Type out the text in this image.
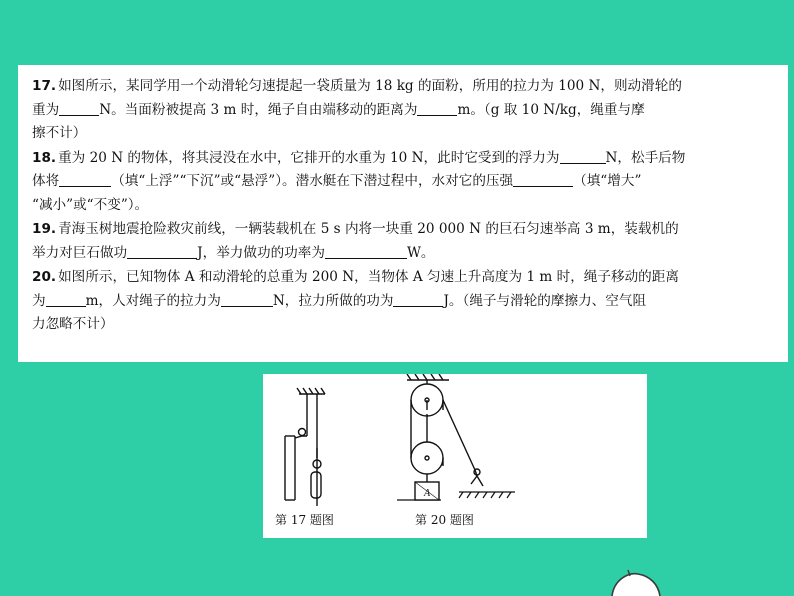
17. 如图所示，某同学用一个动滑轮匀速提起一袋质量为 18 kg 的面粉，所用的拉力为 100 N，则动滑轮的
重为	N。当面粉被提高 3 m 时，绳子自由端移动的距离为	m。（g 取 10 N/kg，绳重与摩
擦不计）
18. 重为 20 N 的物体，将其浸没在水中，它排开的水重为 10 N，此时它受到的浮力为	N，松手后物
体将	（填“上浮”“下沉”或“悬浮”）。潜水艇在下潜过程中，水对它的压强	（填“增大”
“减小”或“不变”）。
19. 青海玉树地震抢险救灾前线，一辆装载机在 5 s 内将一块重 20 000 N 的巨石匀速举高 3 m，装载机的
举力对巨石做功	J，举力做功的功率为	W。
20. 如图所示，已知物体 A 和动滑轮的总重为 200 N，当物体 A 匀速上升高度为 1 m 时，绳子移动的距离
为	m，人对绳子的拉力为	N，拉力所做的功为	J。（绳子与滑轮的摩擦力、空气阻
力忽略不计）
A
第 17 题图	第 20 题图
